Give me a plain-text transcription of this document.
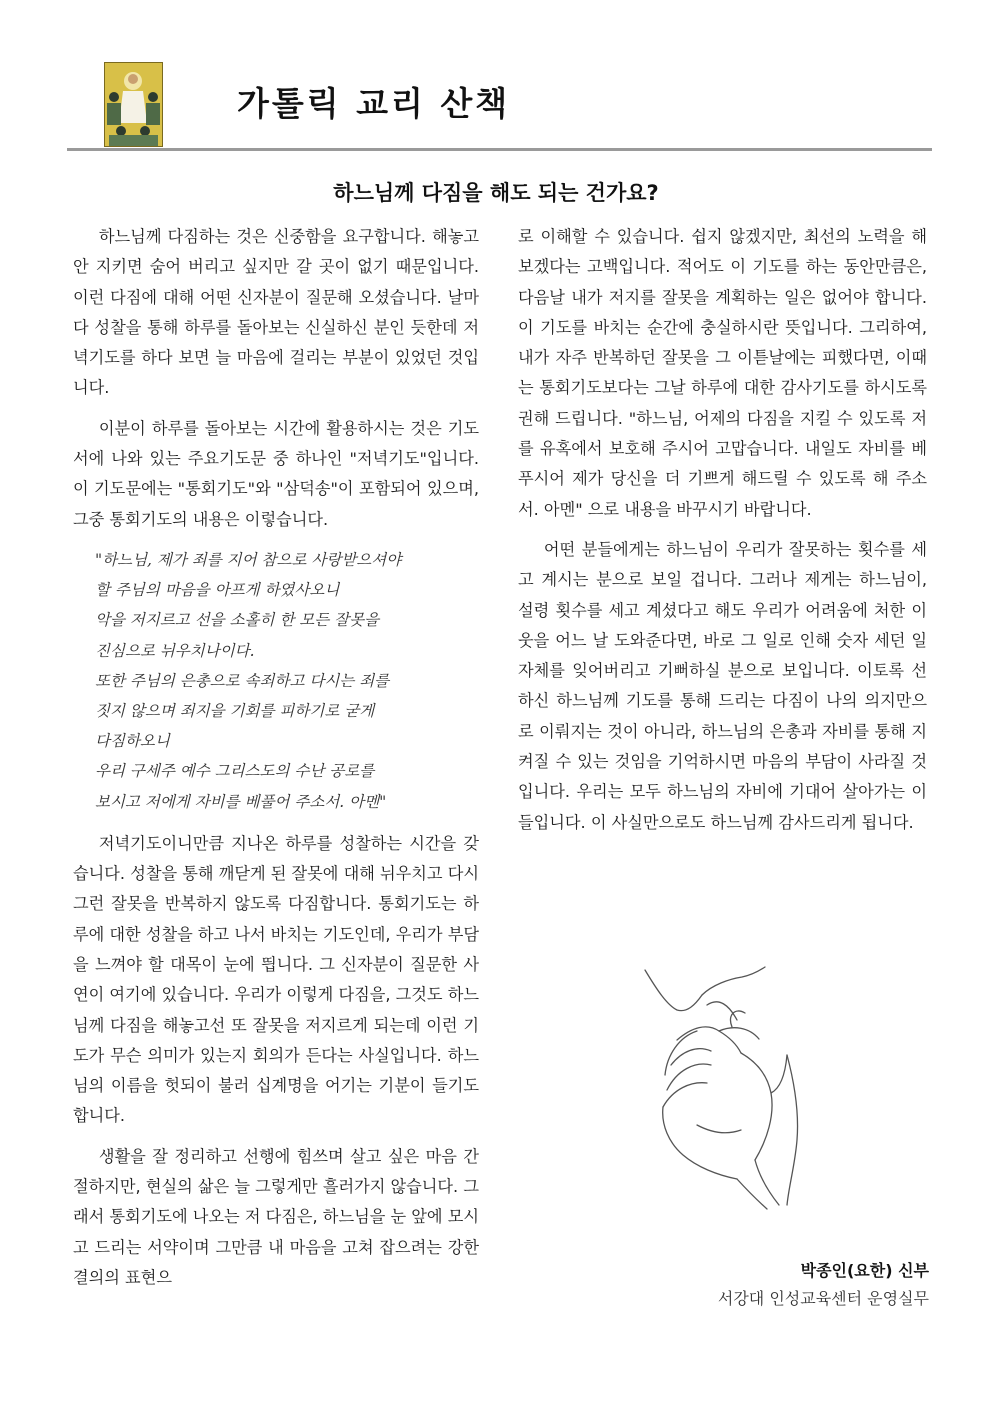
가톨릭 교리 산책
하느님께 다짐을 해도 되는 건가요?

하느님께 다짐하는 것은 신중함을 요구합니다. 해놓고 안 지키면 숨어 버리고 싶지만 갈 곳이 없기 때문입니다. 이런 다짐에 대해 어떤 신자분이 질문해 오셨습니다. 날마다 성찰을 통해 하루를 돌아보는 신실하신 분인 듯한데 저녁기도를 하다 보면 늘 마음에 걸리는 부분이 있었던 것입니다.

이분이 하루를 돌아보는 시간에 활용하시는 것은 기도서에 나와 있는 주요기도문 중 하나인 "저녁기도"입니다. 이 기도문에는 "통회기도"와 "삼덕송"이 포함되어 있으며, 그중 통회기도의 내용은 이렇습니다.

"하느님, 제가 죄를 지어 참으로 사랑받으셔야
할 주님의 마음을 아프게 하였사오니
악을 저지르고 선을 소홀히 한 모든 잘못을
진심으로 뉘우치나이다.
또한 주님의 은총으로 속죄하고 다시는 죄를
짓지 않으며 죄지을 기회를 피하기로 굳게
다짐하오니
우리 구세주 예수 그리스도의 수난 공로를
보시고 저에게 자비를 베풀어 주소서. 아멘"

저녁기도이니만큼 지나온 하루를 성찰하는 시간을 갖습니다. 성찰을 통해 깨닫게 된 잘못에 대해 뉘우치고 다시 그런 잘못을 반복하지 않도록 다짐합니다. 통회기도는 하루에 대한 성찰을 하고 나서 바치는 기도인데, 우리가 부담을 느껴야 할 대목이 눈에 띕니다. 그 신자분이 질문한 사연이 여기에 있습니다. 우리가 이렇게 다짐을, 그것도 하느님께 다짐을 해놓고선 또 잘못을 저지르게 되는데 이런 기도가 무슨 의미가 있는지 회의가 든다는 사실입니다. 하느님의 이름을 헛되이 불러 십계명을 어기는 기분이 들기도 합니다.

생활을 잘 정리하고 선행에 힘쓰며 살고 싶은 마음 간절하지만, 현실의 삶은 늘 그렇게만 흘러가지 않습니다. 그래서 통회기도에 나오는 저 다짐은, 하느님을 눈 앞에 모시고 드리는 서약이며 그만큼 내 마음을 고쳐 잡으려는 강한 결의의 표현으

로 이해할 수 있습니다. 쉽지 않겠지만, 최선의 노력을 해 보겠다는 고백입니다. 적어도 이 기도를 하는 동안만큼은, 다음날 내가 저지를 잘못을 계획하는 일은 없어야 합니다. 이 기도를 바치는 순간에 충실하시란 뜻입니다. 그리하여, 내가 자주 반복하던 잘못을 그 이튿날에는 피했다면, 이때는 통회기도보다는 그날 하루에 대한 감사기도를 하시도록 권해 드립니다. "하느님, 어제의 다짐을 지킬 수 있도록 저를 유혹에서 보호해 주시어 고맙습니다. 내일도 자비를 베푸시어 제가 당신을 더 기쁘게 해드릴 수 있도록 해 주소서. 아멘" 으로 내용을 바꾸시기 바랍니다.

어떤 분들에게는 하느님이 우리가 잘못하는 횟수를 세고 계시는 분으로 보일 겁니다. 그러나 제게는 하느님이, 설령 횟수를 세고 계셨다고 해도 우리가 어려움에 처한 이웃을 어느 날 도와준다면, 바로 그 일로 인해 숫자 세던 일 자체를 잊어버리고 기뻐하실 분으로 보입니다. 이토록 선하신 하느님께 기도를 통해 드리는 다짐이 나의 의지만으로 이뤄지는 것이 아니라, 하느님의 은총과 자비를 통해 지켜질 수 있는 것임을 기억하시면 마음의 부담이 사라질 것입니다. 우리는 모두 하느님의 자비에 기대어 살아가는 이들입니다. 이 사실만으로도 하느님께 감사드리게 됩니다.

박종인(요한) 신부
서강대 인성교육센터 운영실무
